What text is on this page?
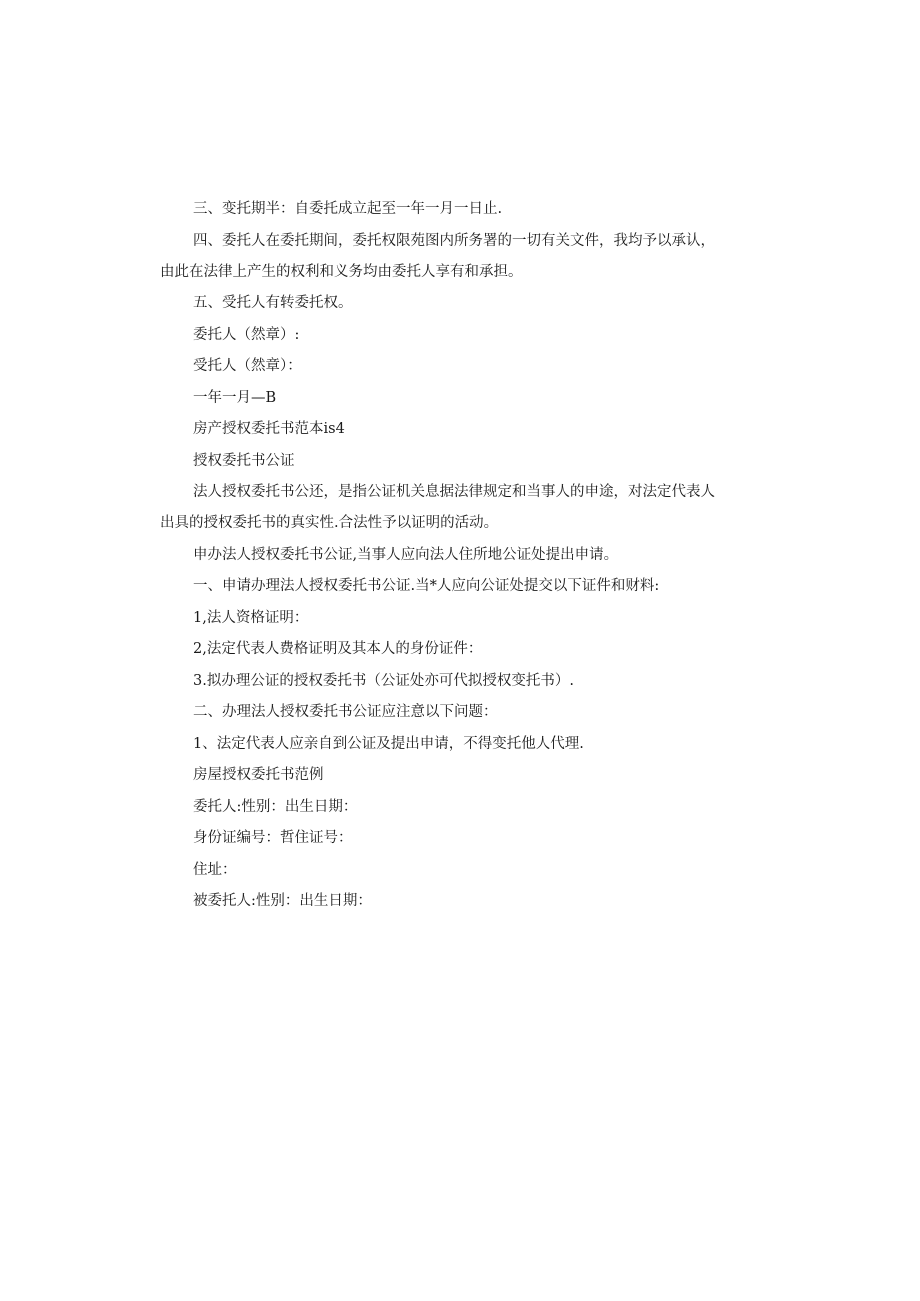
三、变托期半：自委托成立起至一年一月一日止.
四、委托人在委托期间，委托权限苑图内所务署的一切有关文件，我均予以承认，
由此在法律上产生的权利和义务均由委托人享有和承担。
五、受托人有转委托权。
委托人（然章）:
受托人（然章）：
一年一月—B
房产授权委托书范本is4
授权委托书公证
法人授权委托书公还，是指公证机关息据法律规定和当事人的申途，对法定代表人
出具的授权委托书的真实性.合法性予以证明的活动。
申办法人授权委托书公证,当事人应向法人住所地公证处提出申请。
一、申请办理法人授权委托书公证.当*人应向公证处提交以下证件和财料:
1,法人资格证明：
2,法定代表人费格证明及其本人的身份证件：
3.拟办理公证的授权委托书（公证处亦可代拟授权变托书）.
二、办理法人授权委托书公证应注意以下问题：
1、法定代表人应亲自到公证及提出申请，不得变托他人代理.
房屋授权委托书范例
委托人:性别：出生日期：
身份证编号：哲住证号：
住址：
被委托人:性别：出生日期：
